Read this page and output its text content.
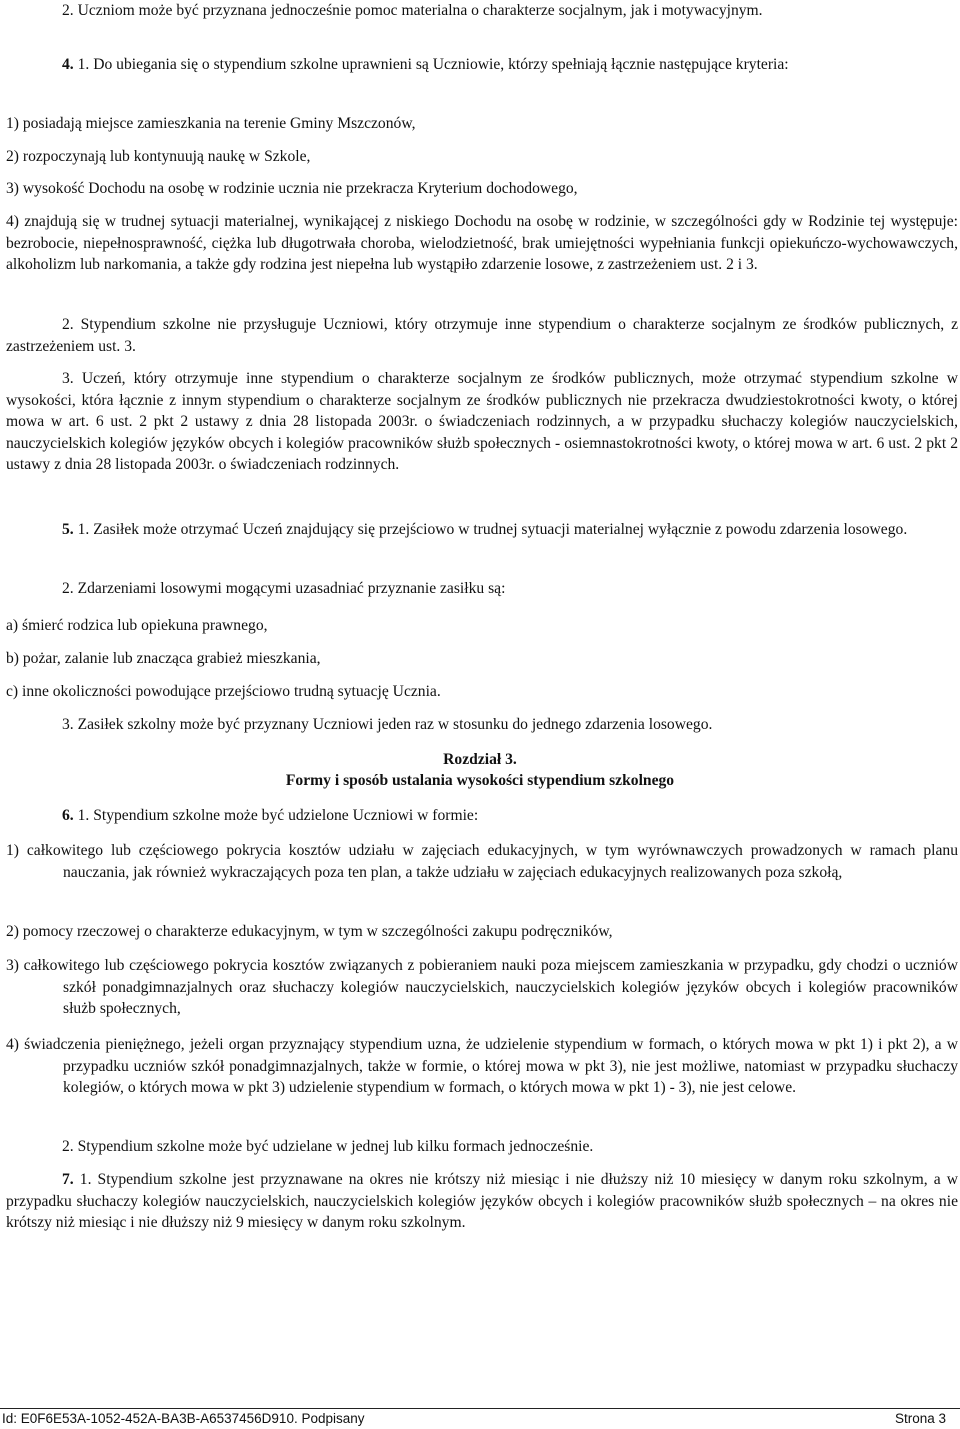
2. Uczniom może być przyznana jednocześnie pomoc materialna o charakterze socjalnym, jak i motywacyjnym.

4. 1. Do ubiegania się o stypendium szkolne uprawnieni są Uczniowie, którzy spełniają łącznie następujące kryteria:

1) posiadają miejsce zamieszkania na terenie Gminy Mszczonów,

2) rozpoczynają lub kontynuują naukę w Szkole,

3) wysokość Dochodu na osobę w rodzinie ucznia nie przekracza Kryterium dochodowego,

4) znajdują się w trudnej sytuacji materialnej, wynikającej z niskiego Dochodu na osobę w rodzinie, w szczególności gdy w Rodzinie tej występuje: bezrobocie, niepełnosprawność, ciężka lub długotrwała choroba, wielodzietność, brak umiejętności wypełniania funkcji opiekuńczo-wychowawczych, alkoholizm lub narkomania, a także gdy rodzina jest niepełna lub wystąpiło zdarzenie losowe, z zastrzeżeniem ust. 2 i 3.

2. Stypendium szkolne nie przysługuje Uczniowi, który otrzymuje inne stypendium o charakterze socjalnym ze środków publicznych, z zastrzeżeniem ust. 3.

3. Uczeń, który otrzymuje inne stypendium o charakterze socjalnym ze środków publicznych, może otrzymać stypendium szkolne w wysokości, która łącznie z innym stypendium o charakterze socjalnym ze środków publicznych nie przekracza dwudziestokrotności kwoty, o której mowa w art. 6 ust. 2 pkt 2 ustawy z dnia 28 listopada 2003r. o świadczeniach rodzinnych, a w przypadku słuchaczy kolegiów nauczycielskich, nauczycielskich kolegiów języków obcych i kolegiów pracowników służb społecznych - osiemnastokrotności kwoty, o której mowa w art. 6 ust. 2 pkt 2 ustawy z dnia 28 listopada 2003r. o świadczeniach rodzinnych.

5. 1. Zasiłek może otrzymać Uczeń znajdujący się przejściowo w trudnej sytuacji materialnej wyłącznie z powodu zdarzenia losowego.

2. Zdarzeniami losowymi mogącymi uzasadniać przyznanie zasiłku są:

a) śmierć rodzica lub opiekuna prawnego,

b) pożar, zalanie lub znacząca grabież mieszkania,

c) inne okoliczności powodujące przejściowo trudną sytuację Ucznia.

3. Zasiłek szkolny może być przyznany Uczniowi jeden raz w stosunku do jednego zdarzenia losowego.

Rozdział 3.

Formy i sposób ustalania wysokości stypendium szkolnego

6. 1. Stypendium szkolne może być udzielone Uczniowi w formie:

1) całkowitego lub częściowego pokrycia kosztów udziału w zajęciach edukacyjnych, w tym wyrównawczych prowadzonych w ramach planu nauczania, jak również wykraczających poza ten plan, a także udziału w zajęciach edukacyjnych realizowanych poza szkołą,

2) pomocy rzeczowej o charakterze edukacyjnym, w tym w szczególności zakupu podręczników,

3) całkowitego lub częściowego pokrycia kosztów związanych z pobieraniem nauki poza miejscem zamieszkania w przypadku, gdy chodzi o uczniów szkół ponadgimnazjalnych oraz słuchaczy kolegiów nauczycielskich, nauczycielskich kolegiów języków obcych i kolegiów pracowników służb społecznych,

4) świadczenia pieniężnego, jeżeli organ przyznający stypendium uzna, że udzielenie stypendium w formach, o których mowa w pkt 1) i pkt 2), a w przypadku uczniów szkół ponadgimnazjalnych, także w formie, o której mowa w pkt 3), nie jest możliwe, natomiast w przypadku słuchaczy kolegiów, o których mowa w pkt 3) udzielenie stypendium w formach, o których mowa w pkt 1) - 3), nie jest celowe.

2. Stypendium szkolne może być udzielane w jednej lub kilku formach jednocześnie.

7. 1. Stypendium szkolne jest przyznawane na okres nie krótszy niż miesiąc i nie dłuższy niż 10 miesięcy w danym roku szkolnym, a w przypadku słuchaczy kolegiów nauczycielskich, nauczycielskich kolegiów języków obcych i kolegiów pracowników służb społecznych – na okres nie krótszy niż miesiąc i nie dłuższy niż 9 miesięcy w danym roku szkolnym.

Id: E0F6E53A-1052-452A-BA3B-A6537456D910. Podpisany	Strona 3
